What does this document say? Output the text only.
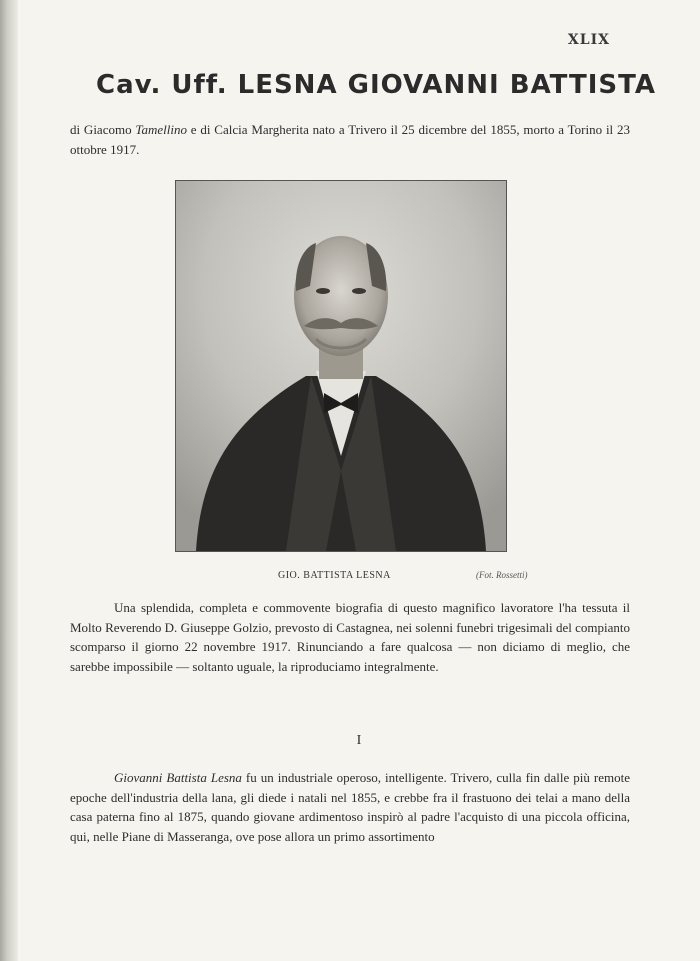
XLIX
Cav. Uff. LESNA GIOVANNI BATTISTA

di Giacomo Tamellino e di Calcia Margherita nato a Trivero il 25 dicembre del 1855, morto a Torino il 23 ottobre 1917.

GIO. BATTISTA LESNA	(Fot. Rossetti)

Una splendida, completa e commovente biografia di questo magnifico lavoratore l'ha tessuta il Molto Reverendo D. Giuseppe Golzio, prevosto di Castagnea, nei solenni funebri trigesimali del compianto scomparso il giorno 22 novembre 1917. Rinunciando a fare qualcosa — non diciamo di meglio, che sarebbe impossibile — soltanto uguale, la riproduciamo integralmente.

I

Giovanni Battista Lesna fu un industriale operoso, intelligente. Trivero, culla fin dalle più remote epoche dell'industria della lana, gli diede i natali nel 1855, e crebbe fra il frastuono dei telai a mano della casa paterna fino al 1875, quando giovane ardimentoso inspirò al padre l'acquisto di una piccola officina, qui, nelle Piane di Masseranga, ove pose allora un primo assortimento
